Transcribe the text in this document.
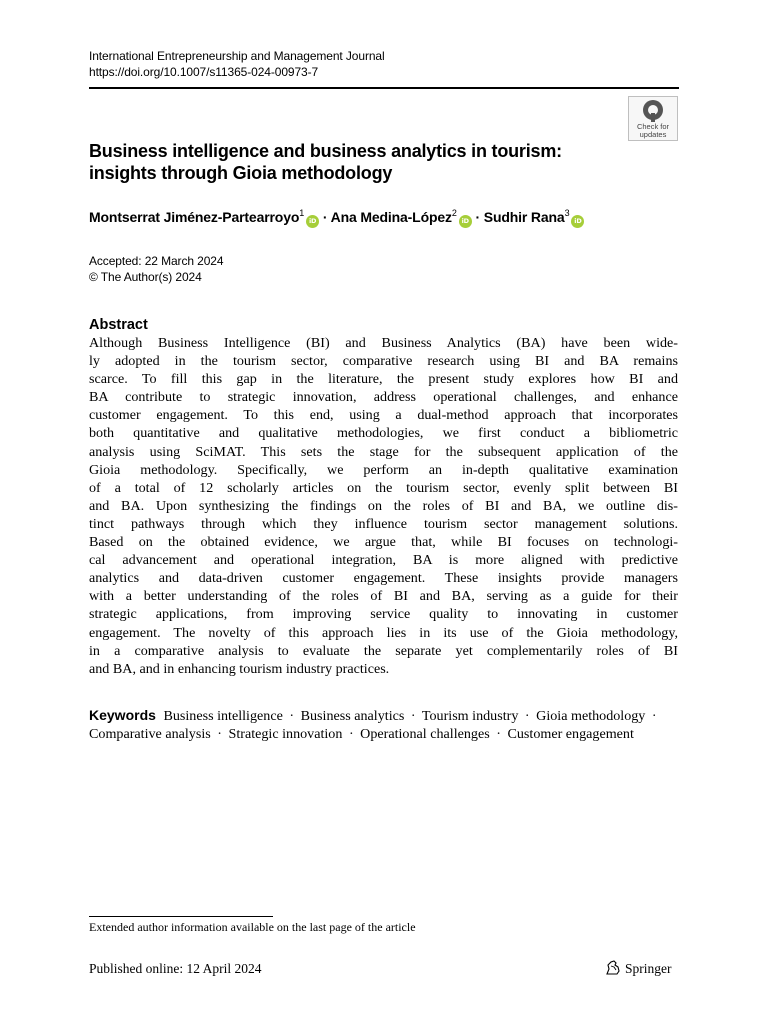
International Entrepreneurship and Management Journal
https://doi.org/10.1007/s11365-024-00973-7
Check for
updates
Business intelligence and business analytics in tourism:
insights through Gioia methodology
Montserrat Jiménez-Partearroyo$^1$iD · Ana Medina-López$^2$iD · Sudhir Rana$^3$iD
Accepted: 22 March 2024
© The Author(s) 2024
Abstract
Although Business Intelligence (BI) and Business Analytics (BA) have been wide-
ly adopted in the tourism sector, comparative research using BI and BA remains
scarce. To fill this gap in the literature, the present study explores how BI and
BA contribute to strategic innovation, address operational challenges, and enhance
customer engagement. To this end, using a dual-method approach that incorporates
both quantitative and qualitative methodologies, we first conduct a bibliometric
analysis using SciMAT. This sets the stage for the subsequent application of the
Gioia methodology. Specifically, we perform an in-depth qualitative examination
of a total of 12 scholarly articles on the tourism sector, evenly split between BI
and BA. Upon synthesizing the findings on the roles of BI and BA, we outline dis-
tinct pathways through which they influence tourism sector management solutions.
Based on the obtained evidence, we argue that, while BI focuses on technologi-
cal advancement and operational integration, BA is more aligned with predictive
analytics and data-driven customer engagement. These insights provide managers
with a better understanding of the roles of BI and BA, serving as a guide for their
strategic applications, from improving service quality to innovating in customer
engagement. The novelty of this approach lies in its use of the Gioia methodology,
in a comparative analysis to evaluate the separate yet complementarily roles of BI
and BA, and in enhancing tourism industry practices.
Keywords Business intelligence · Business analytics · Tourism industry · Gioia methodology · Comparative analysis · Strategic innovation · Operational challenges · Customer engagement
Extended author information available on the last page of the article
Published online: 12 April 2024	Springer
